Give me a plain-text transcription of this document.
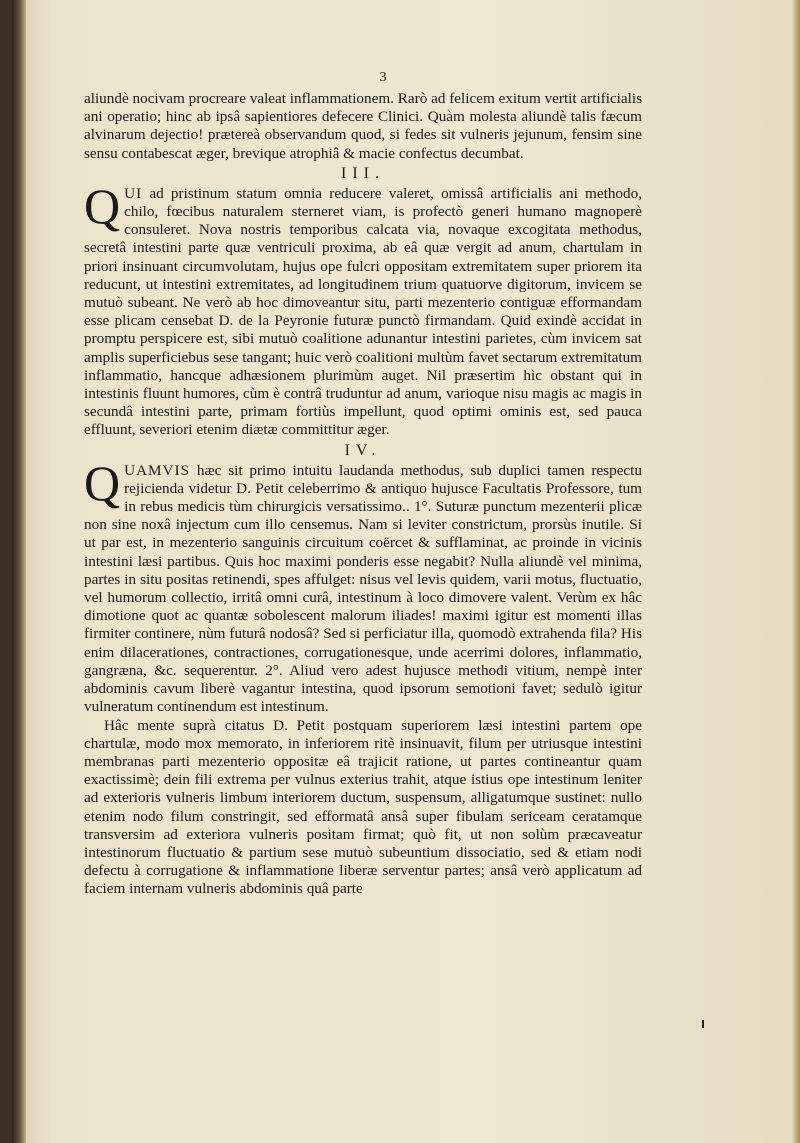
3

aliundè nocivam procreare valeat inflammationem. Rarò ad felicem exitum vertit artificialis ani operatio; hinc ab ipsâ sapientiores defecere Clinici. Quàm molesta aliundè talis fæcum alvinarum dejectio! prætereà observandum quod, si fedes sit vulneris jejunum, fensim sine sensu contabescat æger, brevique atrophiâ & macie confectus decumbat.

III.

QUI ad pristinum statum omnia reducere valeret, omissâ artificialis ani methodo, chilo, fœcibus naturalem sterneret viam, is profectò generi humano magnoperè consuleret. Nova nostris temporibus calcata via, novaque excogitata methodus, secretâ intestini parte quæ ventriculi proxima, ab eâ quæ vergit ad anum, chartulam in priori insinuant circumvolutam, hujus ope fulcri oppositam extremitatem super priorem ita reducunt, ut intestini extremitates, ad longitudinem trium quatuorve digitorum, invicem se mutuò subeant. Ne verò ab hoc dimoveantur situ, parti mezenterio contiguæ efformandam esse plicam censebat D. de la Peyronie futuræ punctò firmandam. Quid exindè accidat in promptu perspicere est, sibi mutuò coalitione adunantur intestini parietes, cùm invicem sat amplis superficiebus sese tangant; huic verò coalitioni multùm favet sectarum extremitatum inflammatio, hancque adhæsionem plurimùm auget. Nil præsertim hìc obstant qui in intestinis fluunt humores, cùm è contrâ truduntur ad anum, varioque nisu magis ac magis in secundâ intestini parte, primam fortiùs impellunt, quod optimi ominis est, sed pauca effluunt, severiori etenim diætæ committitur æger.

IV.

QUAMVIS hæc sit primo intuitu laudanda methodus, sub duplici tamen respectu rejicienda videtur D. Petit celeberrimo & antiquo hujusce Facultatis Professore, tum in rebus medicis tùm chirurgicis versatissimo.. 1°. Suturæ punctum mezenterii plicæ non sine noxâ injectum cum illo censemus. Nam si leviter constrictum, prorsùs inutile. Si ut par est, in mezenterio sanguinis circuitum coërcet & sufflaminat, ac proinde in vicinis intestini læsi partibus. Quis hoc maximi ponderis esse negabit? Nulla aliundè vel minima, partes in situ positas retinendi, spes affulget: nisus vel levis quidem, varii motus, fluctuatio, vel humorum collectio, irritâ omni curâ, intestinum à loco dimovere valent. Verùm ex hâc dimotione quot ac quantæ sobolescent malorum iliades! maximi igitur est momenti illas firmiter continere, nùm futurâ nodosâ? Sed si perficiatur illa, quomodò extrahenda fila? His enim dilacerationes, contractiones, corrugationesque, unde acerrimi dolores, inflammatio, gangræna, &c. sequerentur. 2°. Aliud vero adest hujusce methodi vitium, nempè inter abdominis cavum liberè vagantur intestina, quod ipsorum semotioni favet; sedulò igitur vulneratum continendum est intestinum.

Hâc mente suprà citatus D. Petit postquam superiorem læsi intestini partem ope chartulæ, modo mox memorato, in inferiorem ritè insinuavit, filum per utriusque intestini membranas parti mezenterio oppositæ eâ trajicit ratione, ut partes contineantur quam exactissimè; dein fili extrema per vulnus exterius trahit, atque istius ope intestinum leniter ad exterioris vulneris limbum interiorem ductum, suspensum, alligatumque sustinet: nullo etenim nodo filum constringit, sed efformatâ ansâ super fibulam sericeam ceratamque transversim ad exteriora vulneris positam firmat; quò fit, ut non solùm præcaveatur intestinorum fluctuatio & partium sese mutuò subeuntium dissociatio, sed & etiam nodi defectu à corrugatione & inflammatione liberæ serventur partes; ansâ verò applicatum ad faciem internam vulneris abdominis quâ parte
